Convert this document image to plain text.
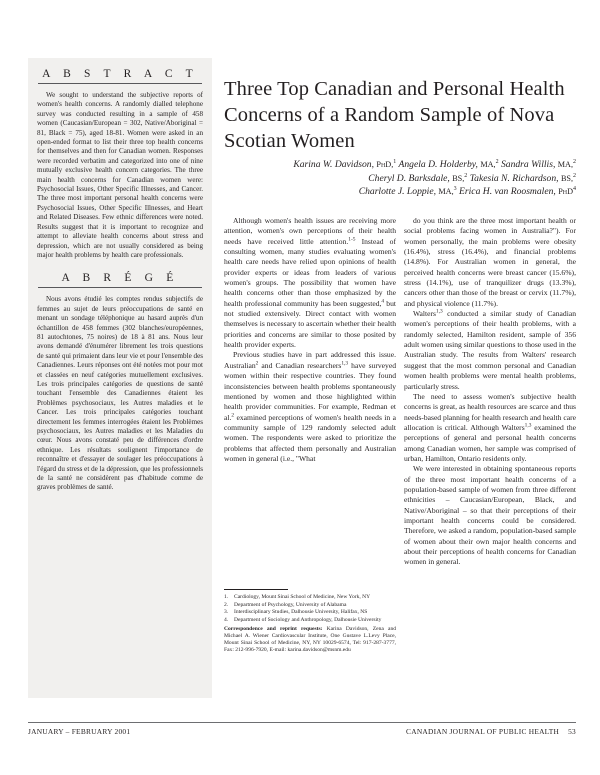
A B S T R A C T
We sought to understand the subjective reports of women's health concerns. A randomly dialled telephone survey was conducted resulting in a sample of 458 women (Caucasian/European = 302, Native/Aboriginal = 81, Black = 75), aged 18-81. Women were asked in an open-ended format to list their three top health concerns for themselves and then for Canadian women. Responses were recorded verbatim and categorized into one of nine mutually exclusive health concern categories. The three main health concerns for Canadian women were: Psychosocial Issues, Other Specific Illnesses, and Cancer. The three most important personal health concerns were Psychosocial Issues, Other Specific Illnesses, and Heart and Related Diseases. Few ethnic differences were noted. Results suggest that it is important to recognize and attempt to alleviate health concerns about stress and depression, which are not usually considered as being major health problems by health care professionals.
A B R É G É
Nous avons étudié les comptes rendus subjectifs de femmes au sujet de leurs préoccupations de santé en menant un sondage téléphonique au hasard auprès d'un échantillon de 458 femmes (302 blanches/européennes, 81 autochtones, 75 noires) de 18 à 81 ans. Nous leur avons demandé d'énumérer librement les trois questions de santé qui primaient dans leur vie et pour l'ensemble des Canadiennes. Leurs réponses ont été notées mot pour mot et classées en neuf catégories mutuellement exclusives. Les trois principales catégories de questions de santé touchant l'ensemble des Canadiennes étaient les Problèmes psychosociaux, les Autres maladies et le Cancer. Les trois principales catégories touchant directement les femmes interrogées étaient les Problèmes psychosociaux, les Autres maladies et les Maladies du cœur. Nous avons constaté peu de différences d'ordre ethnique. Les résultats soulignent l'importance de reconnaître et d'essayer de soulager les préoccupations à l'égard du stress et de la dépression, que les professionnels de la santé ne considèrent pas d'habitude comme de graves problèmes de santé.
Three Top Canadian and Personal Health Concerns of a Random Sample of Nova Scotian Women
Karina W. Davidson, PhD,$^1$ Angela D. Holderby, MA,$^2$ Sandra Willis, MA,$^2$
Cheryl D. Barksdale, BS,$^2$ Takesia N. Richardson, BS,$^2$
Charlotte J. Loppie, MA,$^3$ Erica H. van Roosmalen, PhD$^4$

Although women's health issues are receiving more attention, women's own perceptions of their health needs have received little attention.$^{1-5}$ Instead of consulting women, many studies evaluating women's health care needs have relied upon opinions of health provider experts or ideas from leaders of various women's groups. The possibility that women have health concerns other than those emphasized by the health professional community has been suggested,$^4$ but not studied extensively. Direct contact with women themselves is necessary to ascertain whether their health priorities and concerns are similar to those posited by health provider experts.

Previous studies have in part addressed this issue. Australian$^2$ and Canadian researchers$^{1,3}$ have surveyed women within their respective countries. They found inconsistencies between health problems spontaneously mentioned by women and those highlighted within health provider communities. For example, Redman et al.$^2$ examined perceptions of women's health needs in a community sample of 129 randomly selected adult women. The respondents were asked to prioritize the problems that affected them personally and Australian women in general (i.e., "What

do you think are the three most important health or social problems facing women in Australia?"). For women personally, the main problems were obesity (16.4%), stress (16.4%), and financial problems (14.8%). For Australian women in general, the perceived health concerns were breast cancer (15.6%), stress (14.1%), use of tranquilizer drugs (13.3%), cancers other than those of the breast or cervix (11.7%), and physical violence (11.7%).

Walters$^{1,3}$ conducted a similar study of Canadian women's perceptions of their health problems, with a randomly selected, Hamilton resident, sample of 356 adult women using similar questions to those used in the Australian study. The results from Walters' research suggest that the most common personal and Canadian women health problems were mental health problems, particularly stress.

The need to assess women's subjective health concerns is great, as health resources are scarce and thus needs-based planning for health research and health care allocation is critical. Although Walters$^{1,3}$ examined the perceptions of general and personal health concerns among Canadian women, her sample was comprised of urban, Hamilton, Ontario residents only.

We were interested in obtaining spontaneous reports of the three most important health concerns of a population-based sample of women from three different ethnicities – Caucasian/European, Black, and Native/Aboriginal – so that their perceptions of their important health concerns could be considered. Therefore, we asked a random, population-based sample of women about their own major health concerns and about their perceptions of health concerns for Canadian women in general.

1.	Cardiology, Mount Sinai School of Medicine, New York, NY
2.	Department of Psychology, University of Alabama
3.	Interdisciplinary Studies, Dalhousie University, Halifax, NS
4.	Department of Sociology and Anthropology, Dalhousie University
Correspondence and reprint requests: Karina Davidson, Zena and Michael A. Wiener Cardiovascular Institute, One Gustave L.Levy Place, Mount Sinai School of Medicine, NY, NY 10029-6574, Tel: 917-287-3777, Fax: 212-996-7920, E-mail: karina.davidson@msnm.edu
JANUARY – FEBRUARY 2001	CANADIAN JOURNAL OF PUBLIC HEALTH 53
